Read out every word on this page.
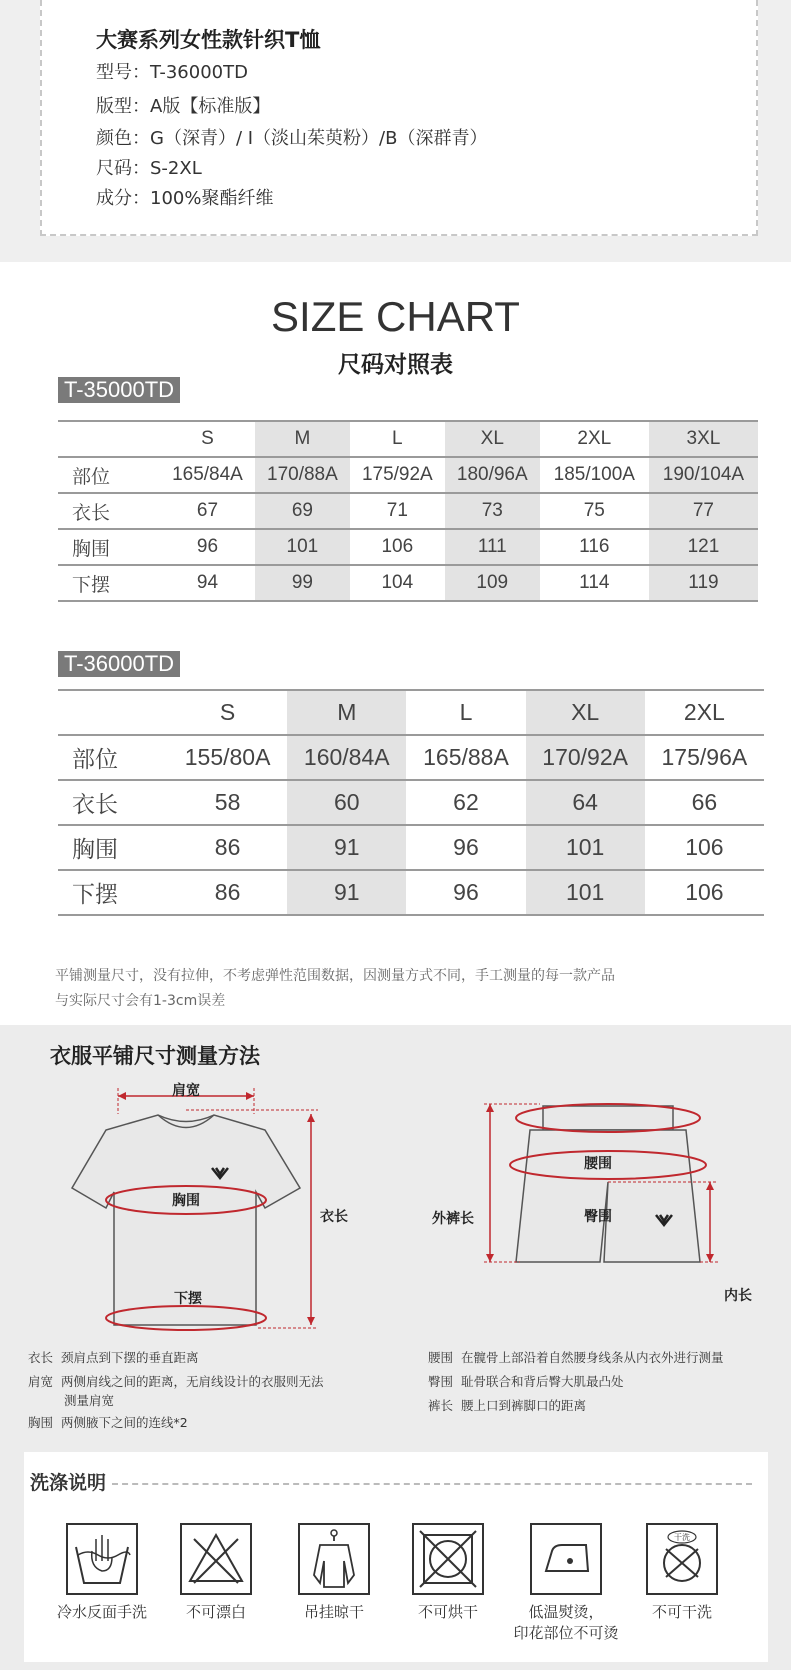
大赛系列女性款针织T恤
型号：T-36000TD
版型：A版【标准版】
颜色：G（深青）/ I（淡山茱萸粉）/B（深群青）
尺码：S-2XL
成分：100%聚酯纤维
SIZE CHART
尺码对照表
T-35000TD
	S	M	L	XL	2XL	3XL
部位	165/84A	170/88A	175/92A	180/96A	185/100A	190/104A
衣长	67	69	71	73	75	77
胸围	96	101	106	111	116	121
下摆	94	99	104	109	114	119
T-36000TD
	S	M	L	XL	2XL
部位	155/80A	160/84A	165/88A	170/92A	175/96A
衣长	58	60	62	64	66
胸围	86	91	96	101	106
下摆	86	91	96	101	106
平铺测量尺寸，没有拉伸，不考虑弹性范围数据，因测量方式不同，手工测量的每一款产品
与实际尺寸会有1-3cm误差
衣服平铺尺寸测量方法
肩宽
胸围
下摆
衣长
腰围
臀围
外裤长
内长
衣长 颈肩点到下摆的垂直距离
肩宽 两侧肩线之间的距离，无肩线设计的衣服则无法
测量肩宽
胸围 两侧腋下之间的连线*2
腰围 在髋骨上部沿着自然腰身线条从内衣外进行测量
臀围 耻骨联合和背后臀大肌最凸处
裤长 腰上口到裤脚口的距离
洗涤说明
干洗
冷水反面手洗	不可漂白	吊挂晾干	不可烘干	低温熨烫，
印花部位不可烫
不可干洗
